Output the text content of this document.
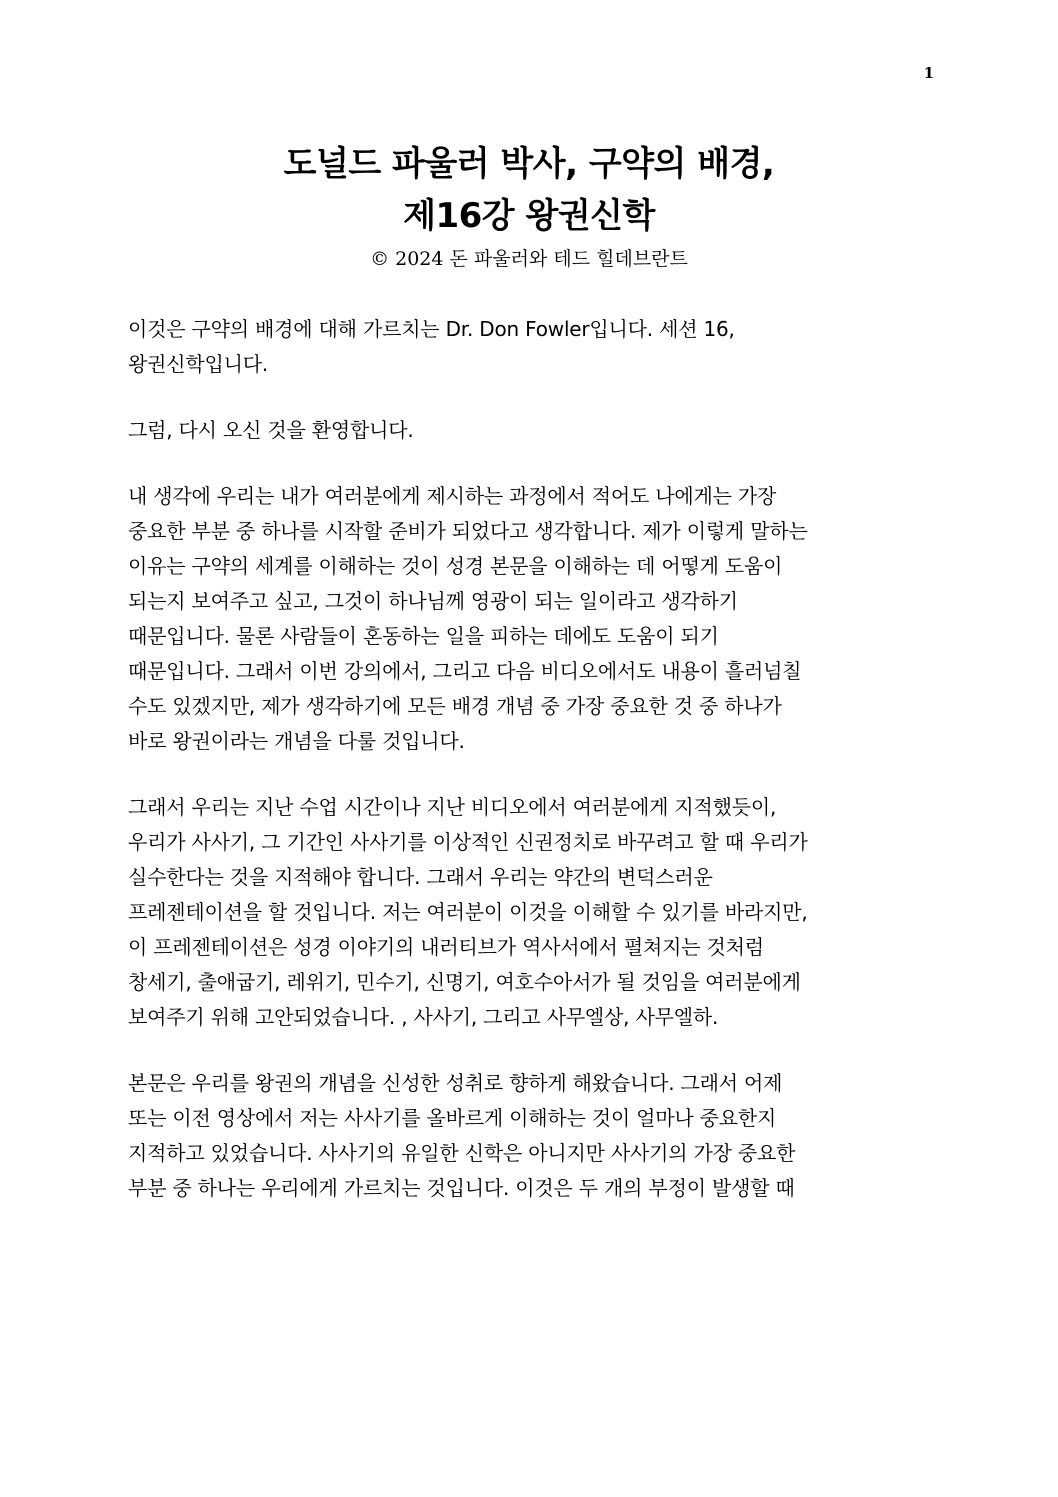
1
도널드 파울러 박사, 구약의 배경,
제16강 왕권신학
© 2024 돈 파울러와 테드 힐데브란트

이것은 구약의 배경에 대해 가르치는 Dr. Don Fowler입니다. 세션 16,
왕권신학입니다.

그럼, 다시 오신 것을 환영합니다.

내 생각에 우리는 내가 여러분에게 제시하는 과정에서 적어도 나에게는 가장
중요한 부분 중 하나를 시작할 준비가 되었다고 생각합니다. 제가 이렇게 말하는
이유는 구약의 세계를 이해하는 것이 성경 본문을 이해하는 데 어떻게 도움이
되는지 보여주고 싶고, 그것이 하나님께 영광이 되는 일이라고 생각하기
때문입니다. 물론 사람들이 혼동하는 일을 피하는 데에도 도움이 되기
때문입니다. 그래서 이번 강의에서, 그리고 다음 비디오에서도 내용이 흘러넘칠
수도 있겠지만, 제가 생각하기에 모든 배경 개념 중 가장 중요한 것 중 하나가
바로 왕권이라는 개념을 다룰 것입니다.

그래서 우리는 지난 수업 시간이나 지난 비디오에서 여러분에게 지적했듯이,
우리가 사사기, 그 기간인 사사기를 이상적인 신권정치로 바꾸려고 할 때 우리가
실수한다는 것을 지적해야 합니다. 그래서 우리는 약간의 변덕스러운
프레젠테이션을 할 것입니다. 저는 여러분이 이것을 이해할 수 있기를 바라지만,
이 프레젠테이션은 성경 이야기의 내러티브가 역사서에서 펼쳐지는 것처럼
창세기, 출애굽기, 레위기, 민수기, 신명기, 여호수아서가 될 것임을 여러분에게
보여주기 위해 고안되었습니다. , 사사기, 그리고 사무엘상, 사무엘하.

본문은 우리를 왕권의 개념을 신성한 성취로 향하게 해왔습니다. 그래서 어제
또는 이전 영상에서 저는 사사기를 올바르게 이해하는 것이 얼마나 중요한지
지적하고 있었습니다. 사사기의 유일한 신학은 아니지만 사사기의 가장 중요한
부분 중 하나는 우리에게 가르치는 것입니다. 이것은 두 개의 부정이 발생할 때
